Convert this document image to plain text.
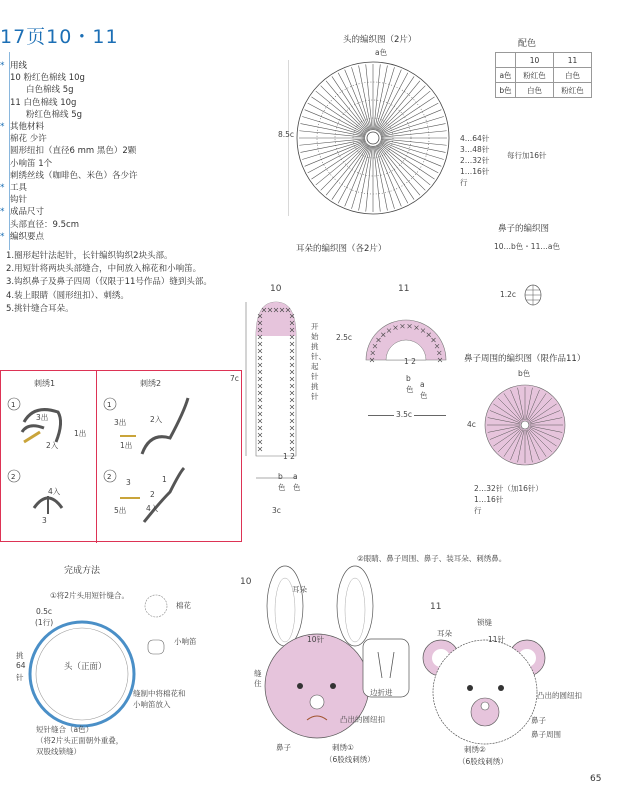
17页10・11
* 用线
10 粉红色棉线 10g
白色棉线 5g
11 白色棉线 10g
粉红色棉线 5g
* 其他材料
棉花 少许
圆形纽扣（直径6 mm 黑色）2颗
小响笛 1个
刺绣丝线（咖啡色、米色）各少许
* 工具
钩针
* 成品尺寸
头部直径：9.5cm
* 编织要点
1.圈形起针法起针，长针编织钩织2块头部。
2.用短针将两块头部缝合，中间放入棉花和小响笛。
3.钩织鼻子及鼻子四周（仅限于11号作品）缝到头部。
4.装上眼睛（圆形纽扣）、刺绣。
5.挑针缝合耳朵。
头的编织图（2片）
a色
8.5c	4…64针
3…48针
2…32针
1…16针
行
每行加16针
配色
	10	11
a色	粉红色	白色
b色	白色	粉红色
鼻子的编织图
10…b色・11…a色
1.2c
耳朵的编织图（各2片）
10	11
7c
3c
开始挑针、起针挑针
1 2
b
色
a
色
2.5c
1 2
b
色
a
色
3.5c
鼻子周围的编织图（限作品11）
b色
4c
2…32针（加16针）
1…16针
行
刺绣1	刺绣2
1
2
3出
2入
1出
4入
3
1
2
3出	2入
1出
3
5出	4入
1
2
完成方法
①将2片头用短针缝合。
②眼睛、鼻子周围、鼻子、装耳朵、刺绣鼻。
0.5c
(1行)
挑
64
针
头（正面）
棉花
小响笛
缝制中将棉花和
小响笛放入
短针缝合（a色）
（将2片头正面朝外重叠，
双股线锁缝）
10
耳朵
10针
缝
住
边折进
凸出的圆纽扣
鼻子	刺绣①
（6股线刺绣）
11
耳朵
锁缝
11针
凸出的圆纽扣
鼻子
鼻子周围
刺绣②
（6股线刺绣）
65
